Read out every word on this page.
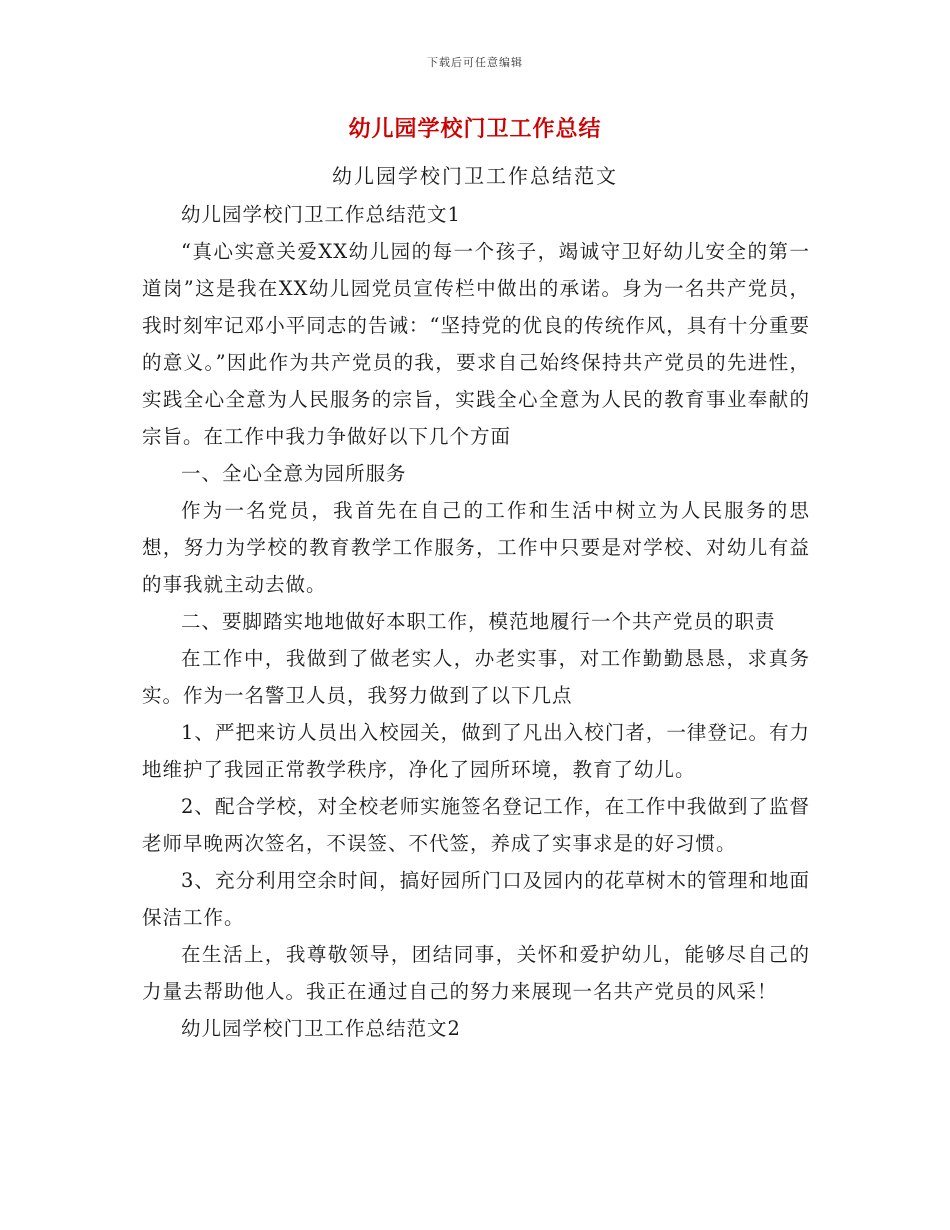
下载后可任意编辑
幼儿园学校门卫工作总结
幼儿园学校门卫工作总结范文

幼儿园学校门卫工作总结范文1

“真心实意关爱XX幼儿园的每一个孩子，竭诚守卫好幼儿安全的第一道岗”这是我在XX幼儿园党员宣传栏中做出的承诺。身为一名共产党员，我时刻牢记邓小平同志的告诫：“坚持党的优良的传统作风，具有十分重要的意义。”因此作为共产党员的我，要求自己始终保持共产党员的先进性，实践全心全意为人民服务的宗旨，实践全心全意为人民的教育事业奉献的宗旨。在工作中我力争做好以下几个方面

一、全心全意为园所服务

作为一名党员，我首先在自己的工作和生活中树立为人民服务的思想，努力为学校的教育教学工作服务，工作中只要是对学校、对幼儿有益的事我就主动去做。

二、要脚踏实地地做好本职工作，模范地履行一个共产党员的职责

在工作中，我做到了做老实人，办老实事，对工作勤勤恳恳，求真务实。作为一名警卫人员，我努力做到了以下几点

1、严把来访人员出入校园关，做到了凡出入校门者，一律登记。有力地维护了我园正常教学秩序，净化了园所环境，教育了幼儿。

2、配合学校，对全校老师实施签名登记工作，在工作中我做到了监督老师早晚两次签名，不误签、不代签，养成了实事求是的好习惯。

3、充分利用空余时间，搞好园所门口及园内的花草树木的管理和地面保洁工作。

在生活上，我尊敬领导，团结同事，关怀和爱护幼儿，能够尽自己的力量去帮助他人。我正在通过自己的努力来展现一名共产党员的风采！

幼儿园学校门卫工作总结范文2
